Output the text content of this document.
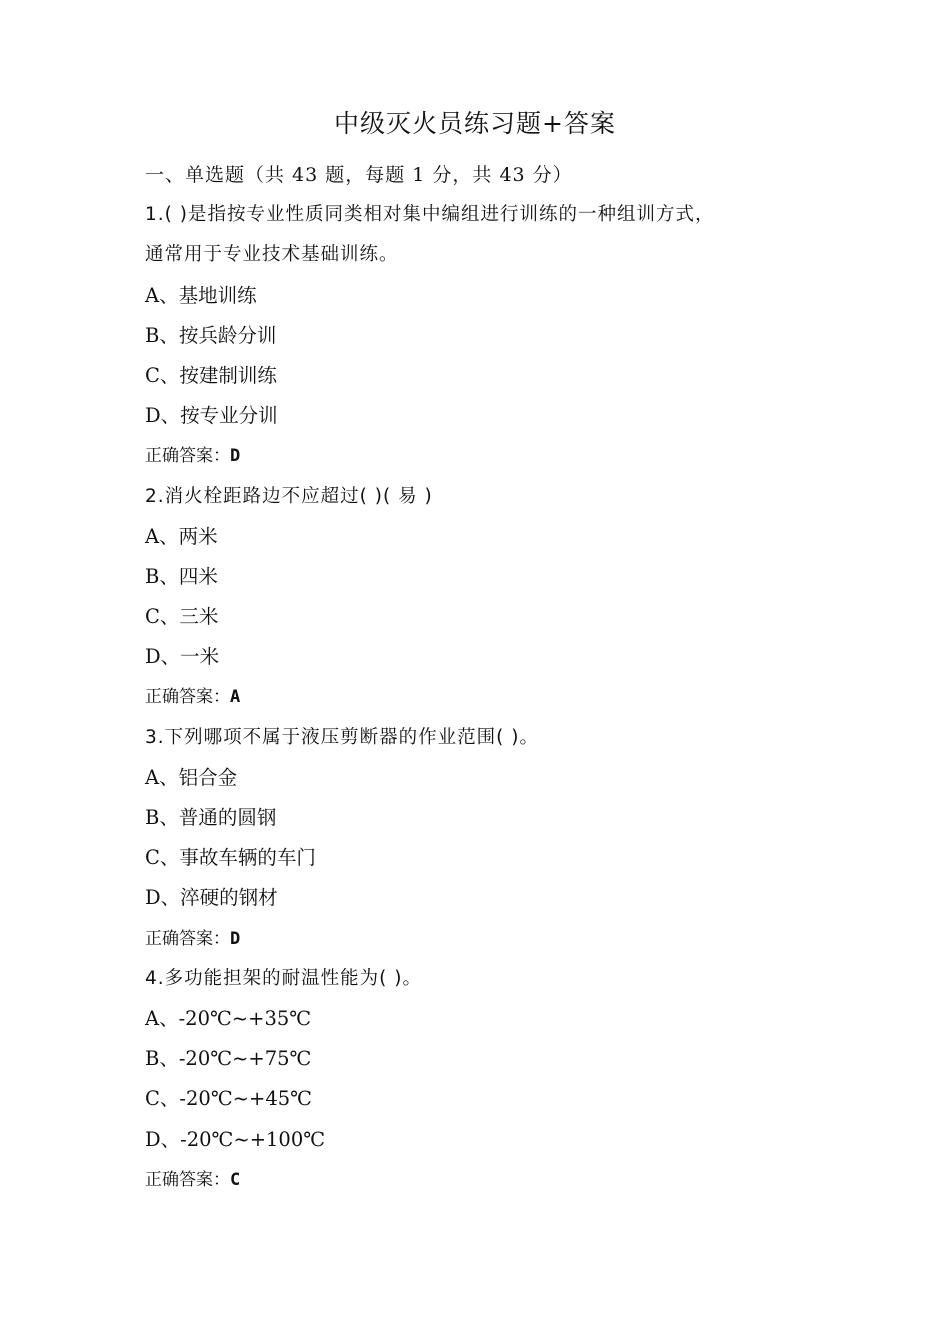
中级灭火员练习题+答案
一、单选题（共 43 题，每题 1 分，共 43 分）
1.( )是指按专业性质同类相对集中编组进行训练的一种组训方式，
通常用于专业技术基础训练。
A、基地训练
B、按兵龄分训
C、按建制训练
D、按专业分训
正确答案：D
2.消火栓距路边不应超过( )( 易 )
A、两米
B、四米
C、三米
D、一米
正确答案：A
3.下列哪项不属于液压剪断器的作业范围( )。
A、铝合金
B、普通的圆钢
C、事故车辆的车门
D、淬硬的钢材
正确答案：D
4.多功能担架的耐温性能为( )。
A、-20℃~+35℃
B、-20℃~+75℃
C、-20℃~+45℃
D、-20℃~+100℃
正确答案：C
